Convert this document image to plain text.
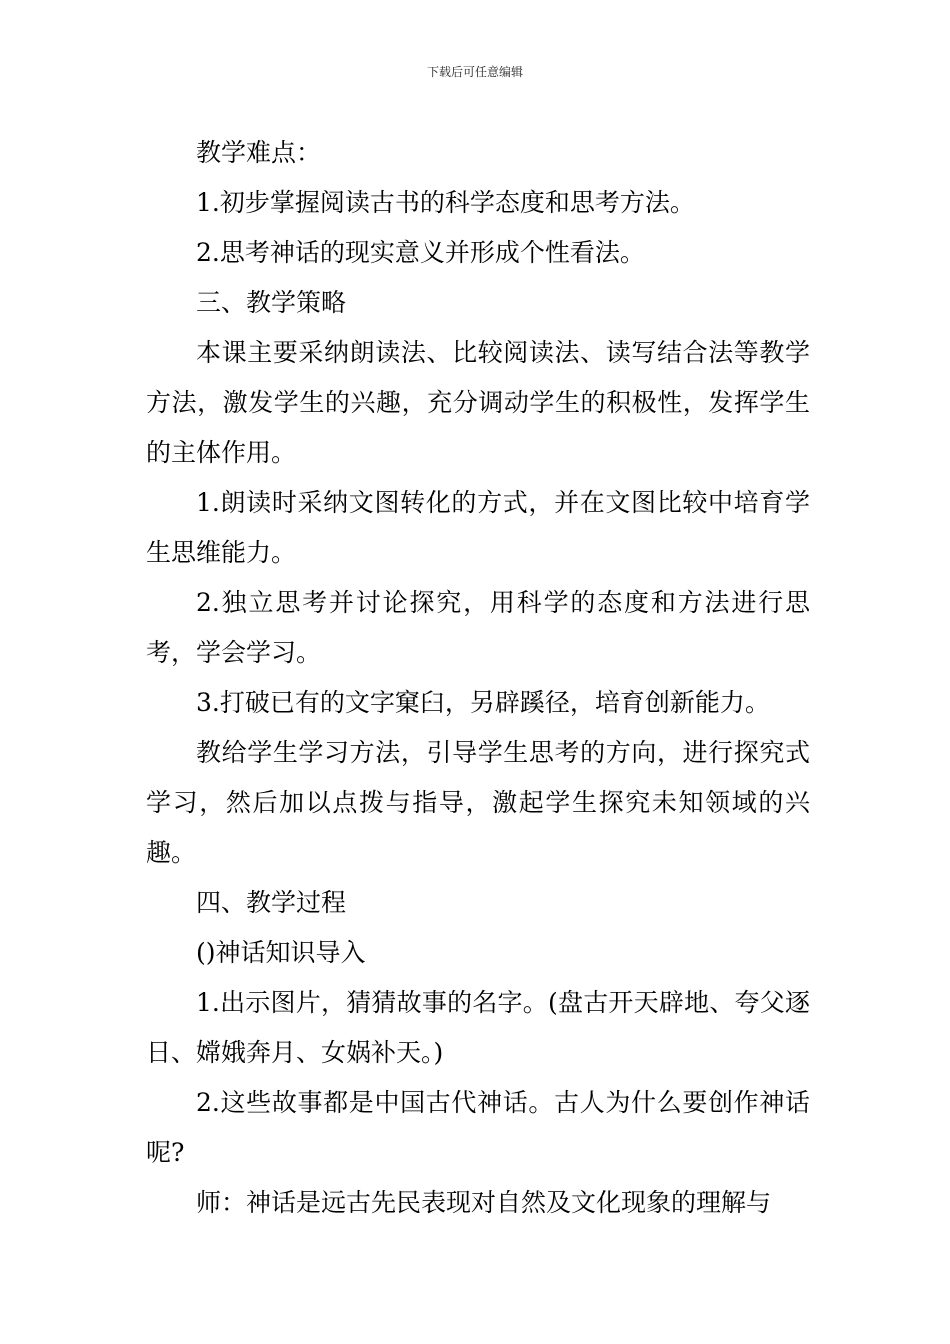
下载后可任意编辑

教学难点：

1.初步掌握阅读古书的科学态度和思考方法。

2.思考神话的现实意义并形成个性看法。

三、教学策略

本课主要采纳朗读法、比较阅读法、读写结合法等教学方法，激发学生的兴趣，充分调动学生的积极性，发挥学生的主体作用。

1.朗读时采纳文图转化的方式，并在文图比较中培育学生思维能力。

2.独立思考并讨论探究，用科学的态度和方法进行思考，学会学习。

3.打破已有的文字窠臼，另辟蹊径，培育创新能力。

教给学生学习方法，引导学生思考的方向，进行探究式学习，然后加以点拨与指导，激起学生探究未知领域的兴趣。

四、教学过程

()神话知识导入

1.出示图片，猜猜故事的名字。(盘古开天辟地、夸父逐日、嫦娥奔月、女娲补天。)

2.这些故事都是中国古代神话。古人为什么要创作神话呢?

师：神话是远古先民表现对自然及文化现象的理解与
